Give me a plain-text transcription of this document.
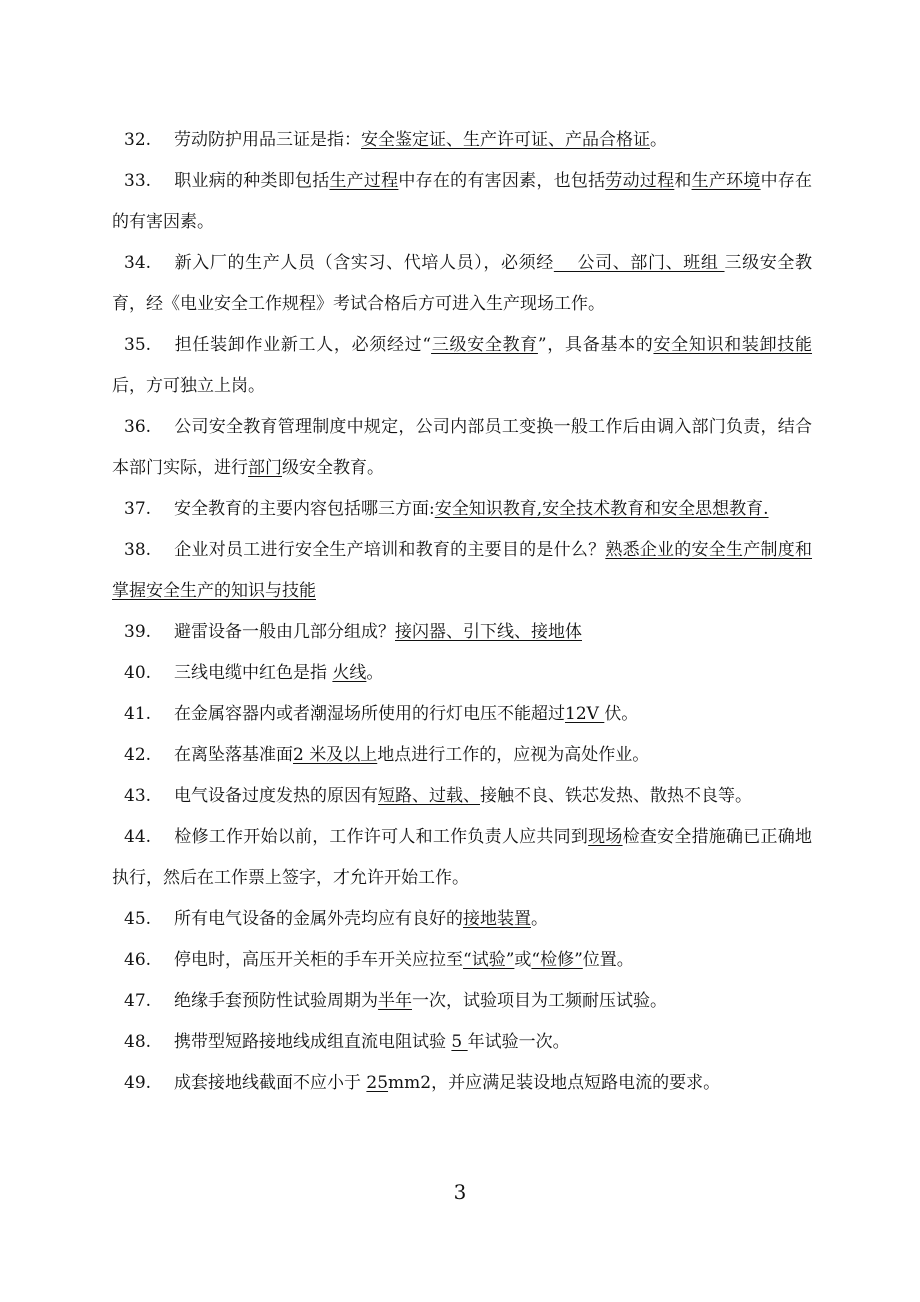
32. 劳动防护用品三证是指：安全鉴定证、生产许可证、产品合格证。

33. 职业病的种类即包括生产过程中存在的有害因素，也包括劳动过程和生产环境中存在的有害因素。

34. 新入厂的生产人员（含实习、代培人员），必须经　 公司、部门、班组 三级安全教育，经《电业安全工作规程》考试合格后方可进入生产现场工作。

35. 担任装卸作业新工人，必须经过“三级安全教育”，具备基本的安全知识和装卸技能后，方可独立上岗。

36. 公司安全教育管理制度中规定，公司内部员工变换一般工作后由调入部门负责，结合本部门实际，进行部门级安全教育。

37. 安全教育的主要内容包括哪三方面:安全知识教育,安全技术教育和安全思想教育.

38. 企业对员工进行安全生产培训和教育的主要目的是什么？熟悉企业的安全生产制度和掌握安全生产的知识与技能

39. 避雷设备一般由几部分组成？接闪器、引下线、接地体

40. 三线电缆中红色是指 火线。

41. 在金属容器内或者潮湿场所使用的行灯电压不能超过12V 伏。

42. 在离坠落基准面2 米及以上地点进行工作的，应视为高处作业。

43. 电气设备过度发热的原因有短路、过载、接触不良、铁芯发热、散热不良等。

44. 检修工作开始以前，工作许可人和工作负责人应共同到现场检查安全措施确已正确地执行，然后在工作票上签字，才允许开始工作。

45. 所有电气设备的金属外壳均应有良好的接地装置。

46. 停电时，高压开关柜的手车开关应拉至“试验”或“检修”位置。

47. 绝缘手套预防性试验周期为半年一次，试验项目为工频耐压试验。

48. 携带型短路接地线成组直流电阻试验 5 年试验一次。

49. 成套接地线截面不应小于 25mm2，并应满足装设地点短路电流的要求。

3
